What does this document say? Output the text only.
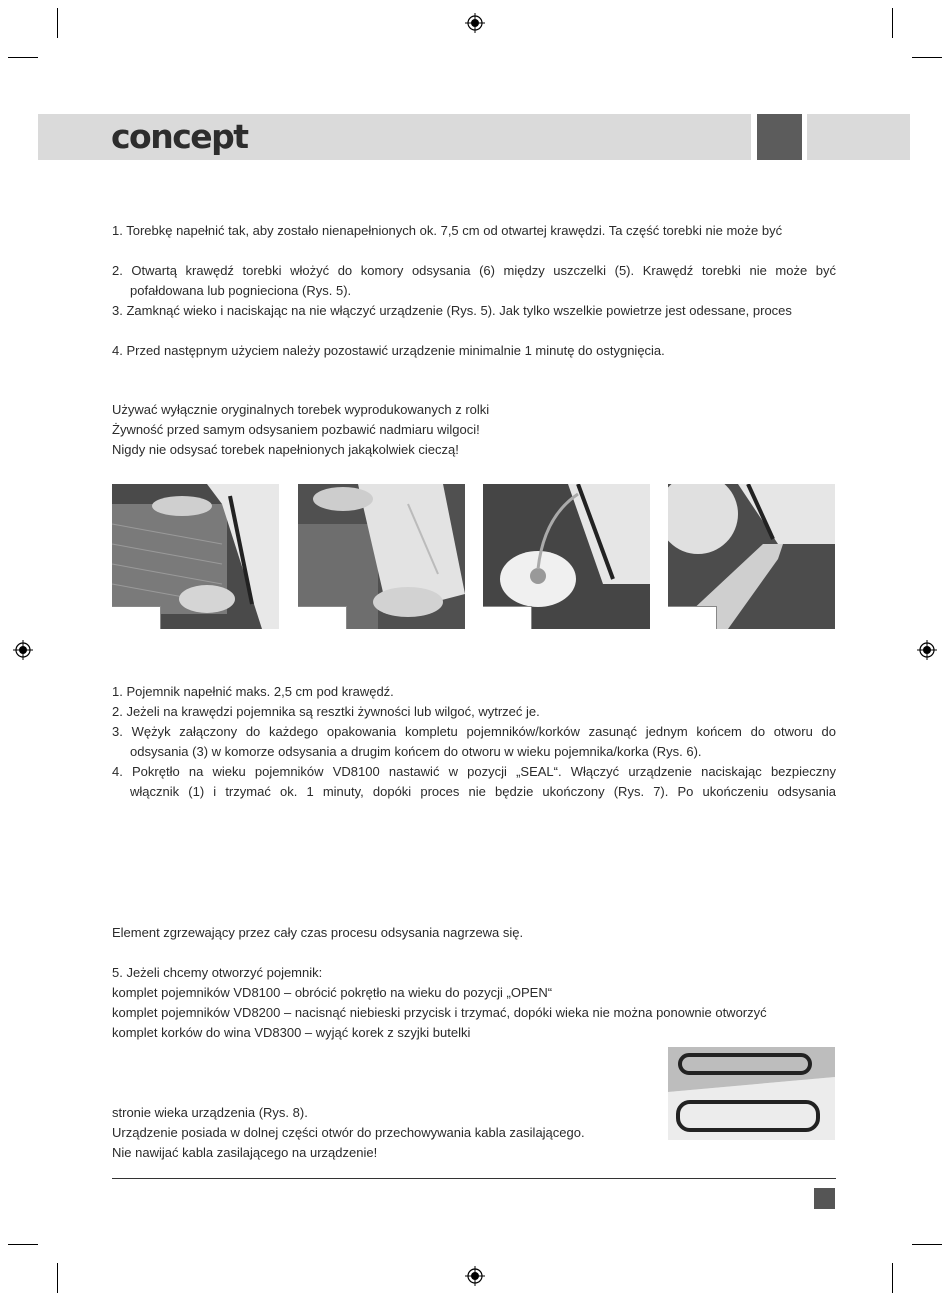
concept
1. Torebkę napełnić tak, aby zostało nienapełnionych ok. 7,5 cm od otwartej krawędzi. Ta część torebki nie może być
2. Otwartą krawędź torebki włożyć do komory odsysania (6) między uszczelki (5). Krawędź torebki nie może być
pofałdowana lub pognieciona (Rys. 5).
3. Zamknąć wieko i naciskając na nie włączyć urządzenie (Rys. 5). Jak tylko wszelkie powietrze jest odessane, proces
4. Przed następnym użyciem należy pozostawić urządzenie minimalnie 1 minutę do ostygnięcia.
Używać wyłącznie oryginalnych torebek wyprodukowanych z rolki
Żywność przed samym odsysaniem pozbawić nadmiaru wilgoci!
Nigdy nie odsysać torebek napełnionych jakąkolwiek cieczą!
1. Pojemnik napełnić maks. 2,5 cm pod krawędź.
2. Jeżeli na krawędzi pojemnika są resztki żywności lub wilgoć, wytrzeć je.
3. Wężyk załączony do każdego opakowania kompletu pojemników/korków zasunąć jednym końcem do otworu do
odsysania (3) w komorze odsysania a drugim końcem do otworu w wieku pojemnika/korka (Rys. 6).
4. Pokrętło na wieku pojemników VD8100 nastawić w pozycji „SEAL“. Włączyć urządzenie naciskając bezpieczny
włącznik (1) i trzymać ok. 1 minuty, dopóki proces nie będzie ukończony (Rys. 7). Po ukończeniu odsysania
Element zgrzewający przez cały czas procesu odsysania nagrzewa się.
5. Jeżeli chcemy otworzyć pojemnik:
komplet pojemników VD8100 – obrócić pokrętło na wieku do pozycji „OPEN“
komplet pojemników VD8200 – nacisnąć niebieski przycisk i trzymać, dopóki wieka nie można ponownie otworzyć
komplet korków do wina VD8300 – wyjąć korek z szyjki butelki
stronie wieka urządzenia (Rys. 8).
Urządzenie posiada w dolnej części otwór do przechowywania kabla zasilającego.
Nie nawijać kabla zasilającego na urządzenie!
